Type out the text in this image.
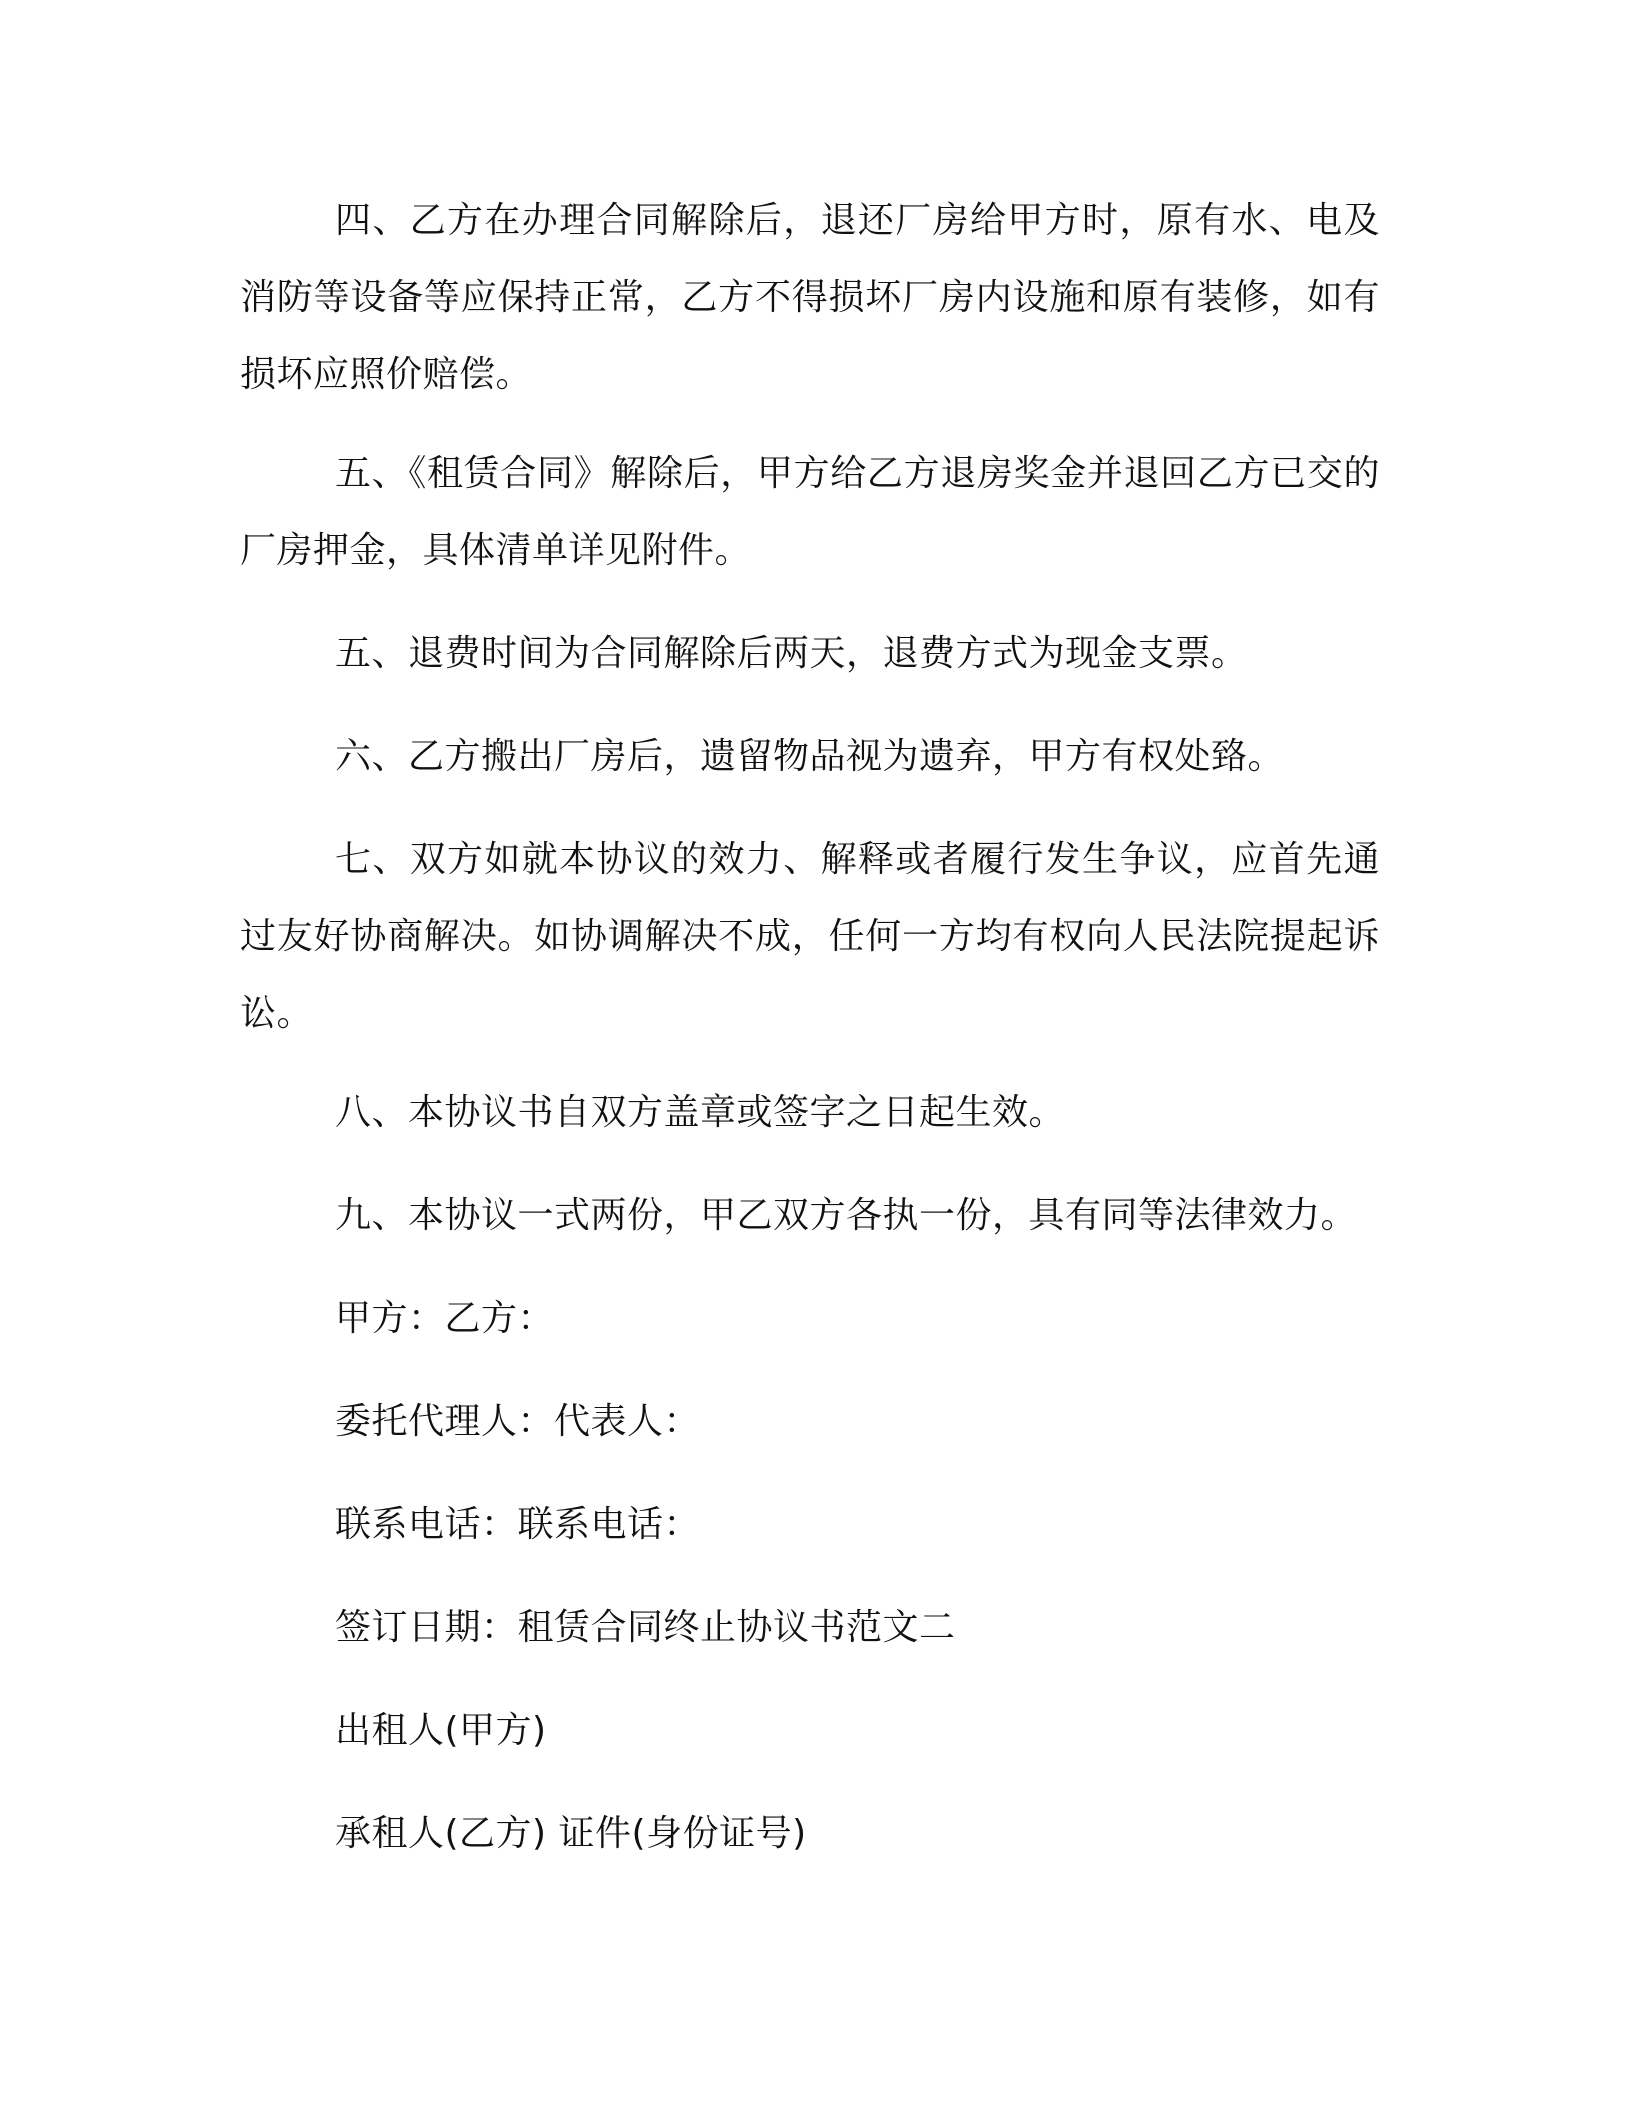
四、乙方在办理合同解除后，退还厂房给甲方时，原有水、电及消防等设备等应保持正常，乙方不得损坏厂房内设施和原有装修，如有损坏应照价赔偿。

五、《租赁合同》解除后，甲方给乙方退房奖金并退回乙方已交的厂房押金，具体清单详见附件。

五、退费时间为合同解除后两天，退费方式为现金支票。

六、乙方搬出厂房后，遗留物品视为遗弃，甲方有权处臵。

七、双方如就本协议的效力、解释或者履行发生争议，应首先通过友好协商解决。如协调解决不成，任何一方均有权向人民法院提起诉讼。

八、本协议书自双方盖章或签字之日起生效。

九、本协议一式两份，甲乙双方各执一份，具有同等法律效力。

甲方：乙方：

委托代理人：代表人：

联系电话：联系电话：

签订日期：租赁合同终止协议书范文二

出租人(甲方)

承租人(乙方) 证件(身份证号)
